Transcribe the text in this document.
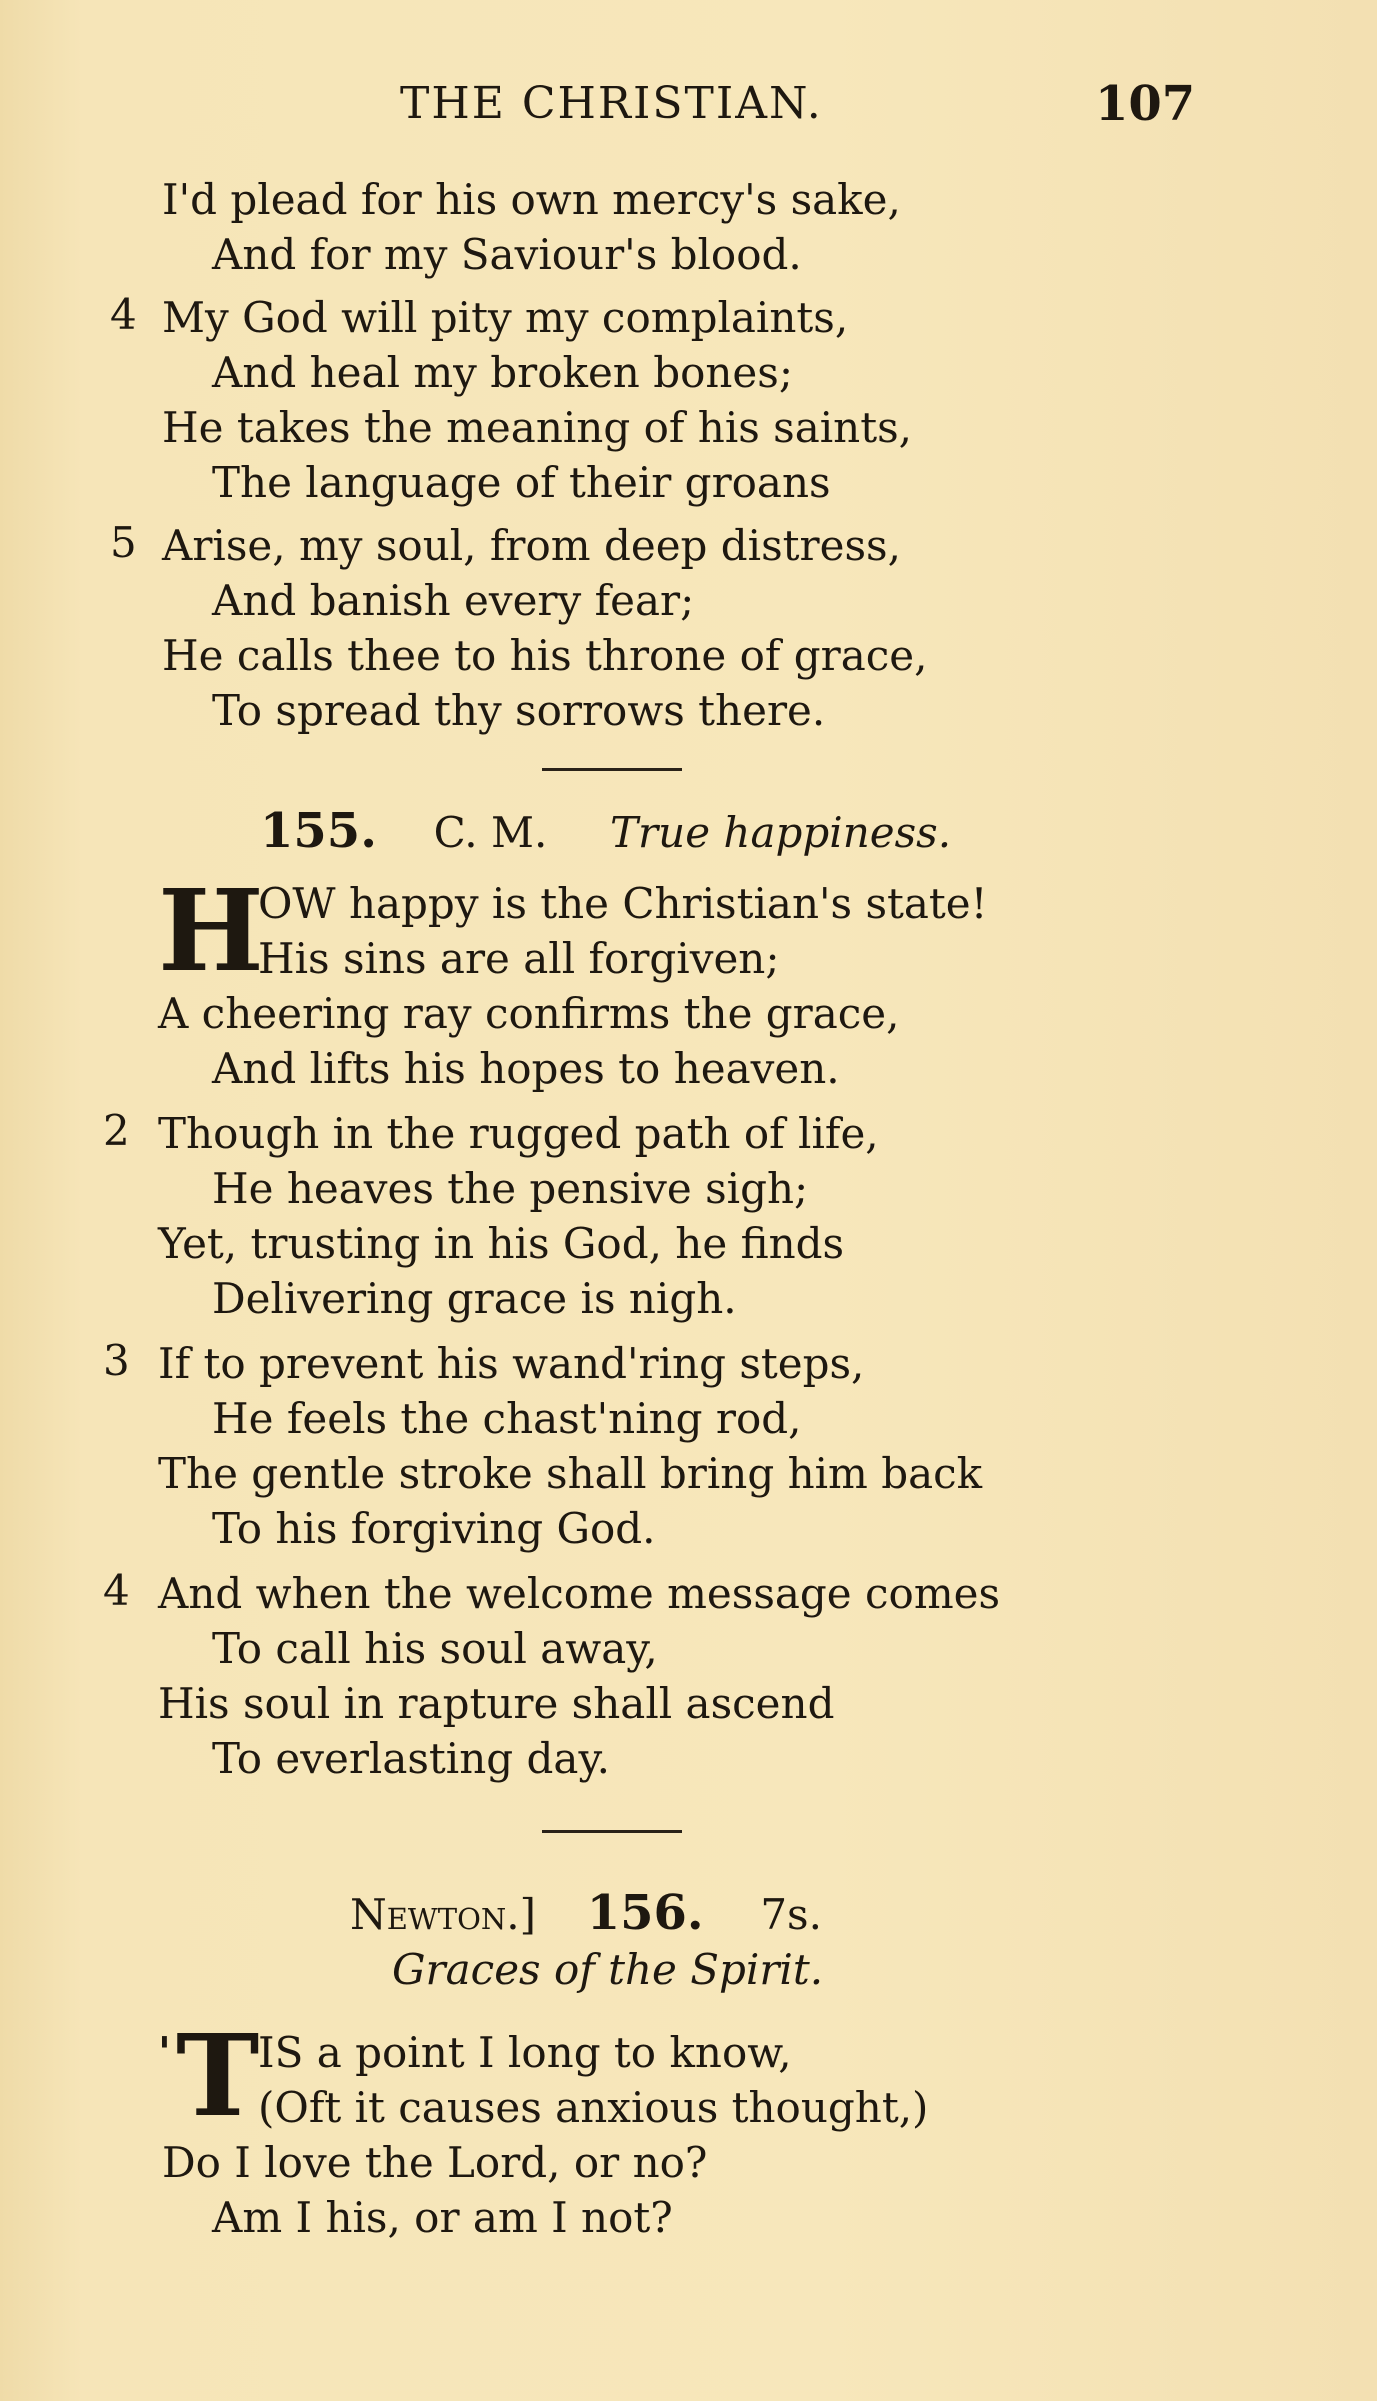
THE CHRISTIAN.	107
I'd plead for his own mercy's sake,
And for my Saviour's blood.
4 My God will pity my complaints,
And heal my broken bones;
He takes the meaning of his saints,
The language of their groans
5 Arise, my soul, from deep distress,
And banish every fear;
He calls thee to his throne of grace,
To spread thy sorrows there.
155. C. M. True happiness.
H
OW happy is the Christian's state!
His sins are all forgiven;
A cheering ray confirms the grace,
And lifts his hopes to heaven.
2 Though in the rugged path of life,
He heaves the pensive sigh;
Yet, trusting in his God, he finds
Delivering grace is nigh.
3 If to prevent his wand'ring steps,
He feels the chast'ning rod,
The gentle stroke shall bring him back
To his forgiving God.
4 And when the welcome message comes
To call his soul away,
His soul in rapture shall ascend
To everlasting day.
Newton.] 156. 7s.
Graces of the Spirit.
' T
IS a point I long to know,
(Oft it causes anxious thought,)
Do I love the Lord, or no?
Am I his, or am I not?
